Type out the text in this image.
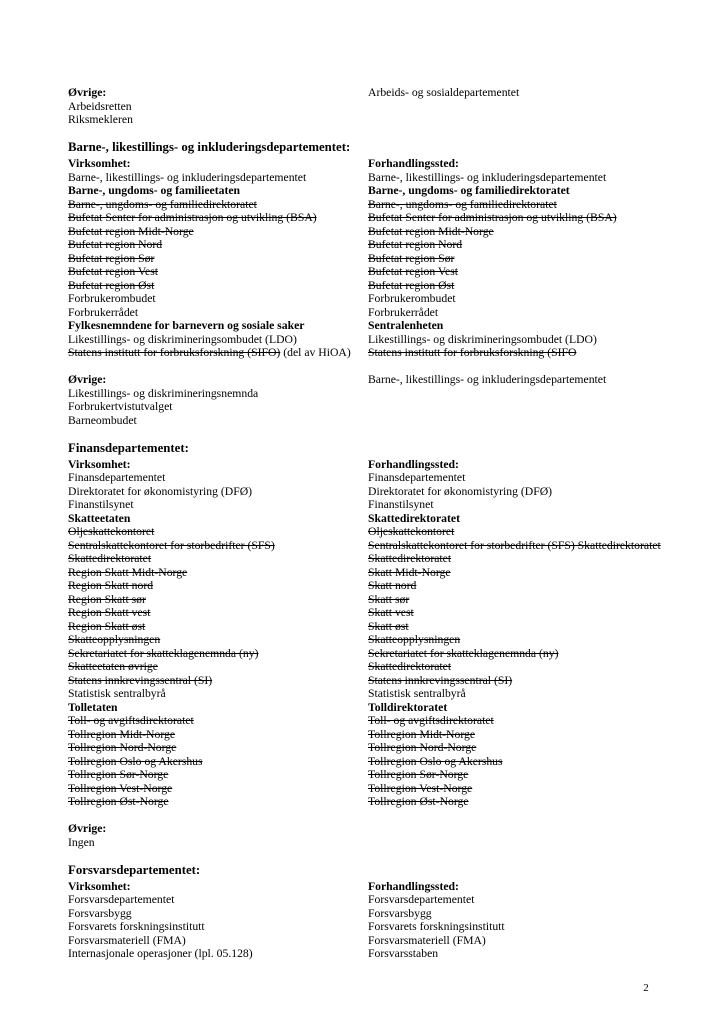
Øvrige:	Arbeids- og sosialdepartementet
Arbeidsretten
Riksmekleren
Barne-, likestillings- og inkluderingsdepartementet:
Virksomhet:	Forhandlingssted:
Barne-, likestillings- og inkluderingsdepartementet	Barne-, likestillings- og inkluderingsdepartementet
Barne-, ungdoms- og familieetaten	Barne-, ungdoms- og familiedirektoratet
Barne-, ungdoms- og familiedirektoratet	Barne-, ungdoms- og familiedirektoratet
Bufetat Senter for administrasjon og utvikling (BSA)	Bufetat Senter for administrasjon og utvikling (BSA)
Bufetat region Midt-Norge	Bufetat region Midt-Norge
Bufetat region Nord	Bufetat region Nord
Bufetat region Sør	Bufetat region Sør
Bufetat region Vest	Bufetat region Vest
Bufetat region Øst	Bufetat region Øst
Forbrukerombudet	Forbrukerombudet
Forbrukerrådet	Forbrukerrådet
Fylkesnemndene for barnevern og sosiale saker	Sentralenheten
Likestillings- og diskrimineringsombudet (LDO)	Likestillings- og diskrimineringsombudet (LDO)
Statens institutt for forbruksforskning (SIFO) (del av HiOA)	Statens institutt for forbruksforskning (SIFO
Øvrige:	Barne-, likestillings- og inkluderingsdepartementet
Likestillings- og diskrimineringsnemnda
Forbrukertvistutvalget
Barneombudet
Finansdepartementet:
Virksomhet:	Forhandlingssted:
Finansdepartementet	Finansdepartementet
Direktoratet for økonomistyring (DFØ)	Direktoratet for økonomistyring (DFØ)
Finanstilsynet	Finanstilsynet
Skatteetaten	Skattedirektoratet
Oljeskattekontoret	Oljeskattekontoret
Sentralskattekontoret for storbedrifter (SFS)	Sentralskattekontoret for storbedrifter (SFS) Skattedirektoratet
Skattedirektoratet	Skattedirektoratet
Region Skatt Midt-Norge	Skatt Midt-Norge
Region Skatt nord	Skatt nord
Region Skatt sør	Skatt sør
Region Skatt vest	Skatt vest
Region Skatt øst	Skatt øst
Skatteopplysningen	Skatteopplysningen
Sekretariatet for skatteklagenemnda (ny)	Sekretariatet for skatteklagenemnda (ny)
Skatteetaten øvrige	Skattedirektoratet
Statens innkrevingssentral (SI)	Statens innkrevingssentral (SI)
Statistisk sentralbyrå	Statistisk sentralbyrå
Tolletaten	Tolldirektoratet
Toll- og avgiftsdirektoratet	Toll- og avgiftsdirektoratet
Tollregion Midt-Norge	Tollregion Midt-Norge
Tollregion Nord-Norge	Tollregion Nord-Norge
Tollregion Oslo og Akershus	Tollregion Oslo og Akershus
Tollregion Sør-Norge	Tollregion Sør-Norge
Tollregion Vest-Norge	Tollregion Vest-Norge
Tollregion Øst-Norge	Tollregion Øst-Norge
Øvrige:
Ingen
Forsvarsdepartementet:
Virksomhet:	Forhandlingssted:
Forsvarsdepartementet	Forsvarsdepartementet
Forsvarsbygg	Forsvarsbygg
Forsvarets forskningsinstitutt	Forsvarets forskningsinstitutt
Forsvarsmateriell (FMA)	Forsvarsmateriell (FMA)
Internasjonale operasjoner (lpl. 05.128)	Forsvarsstaben
2
